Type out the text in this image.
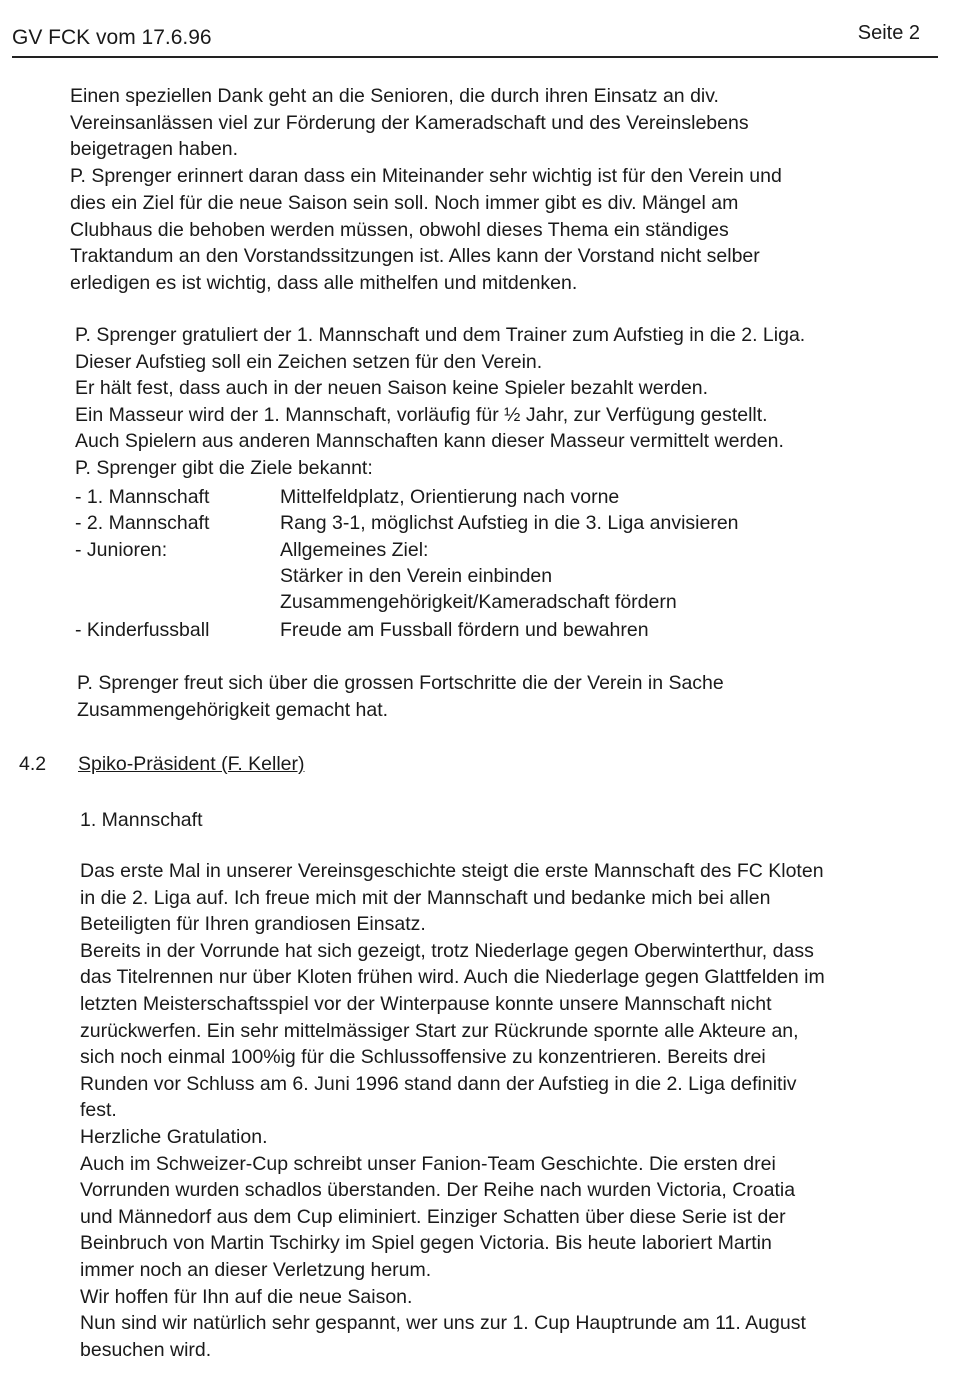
GV FCK vom 17.6.96	Seite 2
Einen speziellen Dank geht an die Senioren, die durch ihren Einsatz an div.
Vereinsanlässen viel zur Förderung der Kameradschaft und des Vereinslebens
beigetragen haben.
P. Sprenger erinnert daran dass ein Miteinander sehr wichtig ist für den Verein und
dies ein Ziel für die neue Saison sein soll. Noch immer gibt es div. Mängel am
Clubhaus die behoben werden müssen, obwohl dieses Thema ein ständiges
Traktandum an den Vorstandssitzungen ist. Alles kann der Vorstand nicht selber
erledigen es ist wichtig, dass alle mithelfen und mitdenken.
P. Sprenger gratuliert der 1. Mannschaft und dem Trainer zum Aufstieg in die 2. Liga.
Dieser Aufstieg soll ein Zeichen setzen für den Verein.
Er hält fest, dass auch in der neuen Saison keine Spieler bezahlt werden.
Ein Masseur wird der 1. Mannschaft, vorläufig für ½ Jahr, zur Verfügung gestellt.
Auch Spielern aus anderen Mannschaften kann dieser Masseur vermittelt werden.
P. Sprenger gibt die Ziele bekannt:
- 1. Mannschaft	Mittelfeldplatz, Orientierung nach vorne
- 2. Mannschaft	Rang 3-1, möglichst Aufstieg in die 3. Liga anvisieren
- Junioren:	Allgemeines Ziel:
Stärker in den Verein einbinden
Zusammengehörigkeit/Kameradschaft fördern
- Kinderfussball	Freude am Fussball fördern und bewahren
P. Sprenger freut sich über die grossen Fortschritte die der Verein in Sache
Zusammengehörigkeit gemacht hat.
4.2 Spiko-Präsident (F. Keller)
1. Mannschaft
Das erste Mal in unserer Vereinsgeschichte steigt die erste Mannschaft des FC Kloten
in die 2. Liga auf. Ich freue mich mit der Mannschaft und bedanke mich bei allen
Beteiligten für Ihren grandiosen Einsatz.
Bereits in der Vorrunde hat sich gezeigt, trotz Niederlage gegen Oberwinterthur, dass
das Titelrennen nur über Kloten frühen wird. Auch die Niederlage gegen Glattfelden im
letzten Meisterschaftsspiel vor der Winterpause konnte unsere Mannschaft nicht
zurückwerfen. Ein sehr mittelmässiger Start zur Rückrunde spornte alle Akteure an,
sich noch einmal 100%ig für die Schlussoffensive zu konzentrieren. Bereits drei
Runden vor Schluss am 6. Juni 1996 stand dann der Aufstieg in die 2. Liga definitiv
fest.
Herzliche Gratulation.
Auch im Schweizer-Cup schreibt unser Fanion-Team Geschichte. Die ersten drei
Vorrunden wurden schadlos überstanden. Der Reihe nach wurden Victoria, Croatia
und Männedorf aus dem Cup eliminiert. Einziger Schatten über diese Serie ist der
Beinbruch von Martin Tschirky im Spiel gegen Victoria. Bis heute laboriert Martin
immer noch an dieser Verletzung herum.
Wir hoffen für Ihn auf die neue Saison.
Nun sind wir natürlich sehr gespannt, wer uns zur 1. Cup Hauptrunde am 11. August
besuchen wird.
